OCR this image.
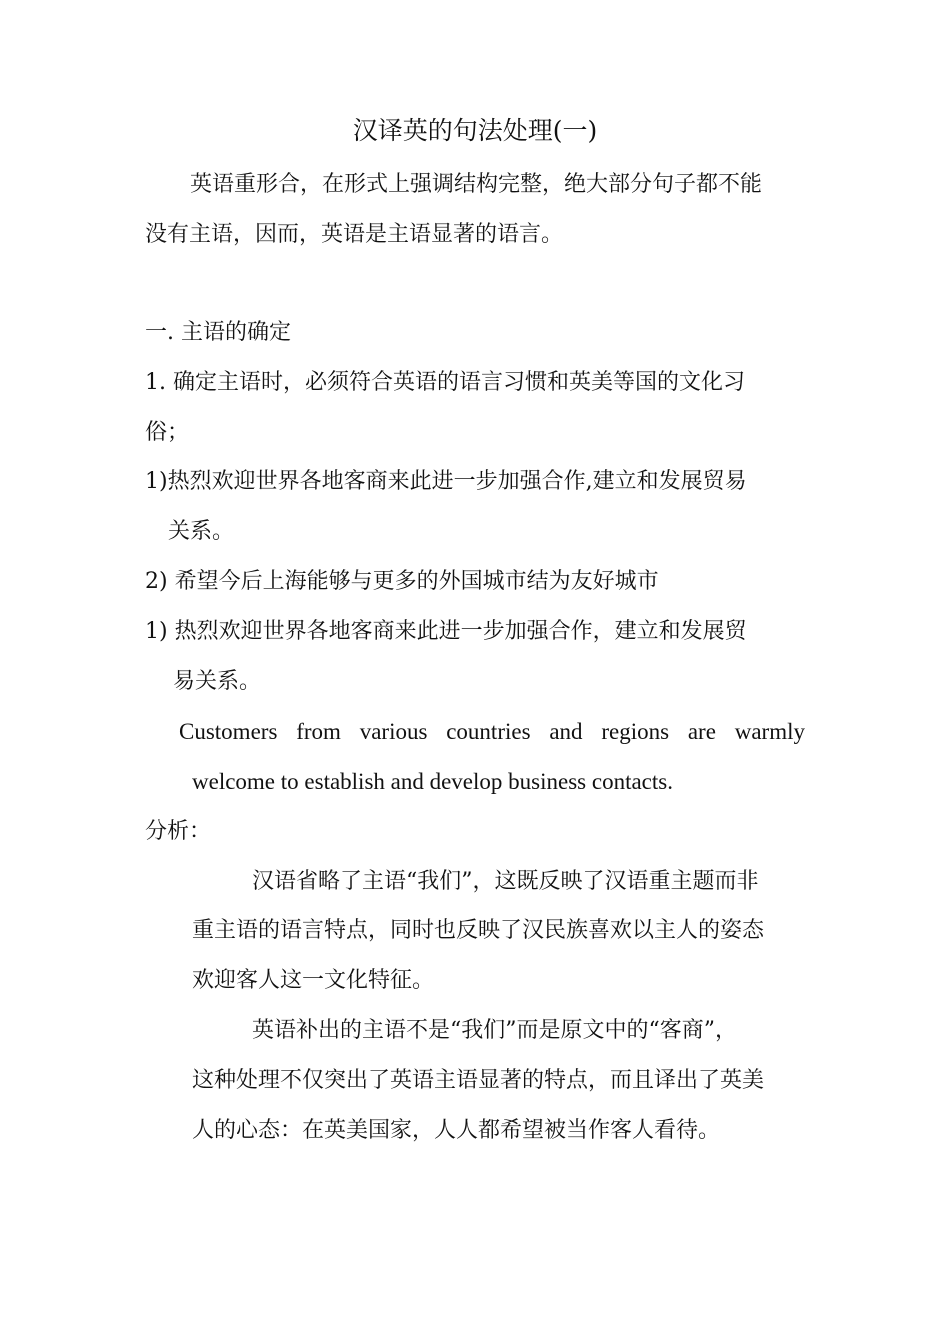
汉译英的句法处理(一)
英语重形合，在形式上强调结构完整，绝大部分句子都不能
没有主语，因而，英语是主语显著的语言。
一. 主语的确定
1. 确定主语时，必须符合英语的语言习惯和英美等国的文化习
俗；
1)热烈欢迎世界各地客商来此进一步加强合作,建立和发展贸易
关系。
2) 希望今后上海能够与更多的外国城市结为友好城市
1) 热烈欢迎世界各地客商来此进一步加强合作，建立和发展贸
易关系。
Customers from various countries and regions are warmly
welcome to establish and develop business contacts.
分析：
汉语省略了主语“我们”，这既反映了汉语重主题而非
重主语的语言特点，同时也反映了汉民族喜欢以主人的姿态
欢迎客人这一文化特征。
英语补出的主语不是“我们”而是原文中的“客商”，
这种处理不仅突出了英语主语显著的特点，而且译出了英美
人的心态：在英美国家，人人都希望被当作客人看待。
